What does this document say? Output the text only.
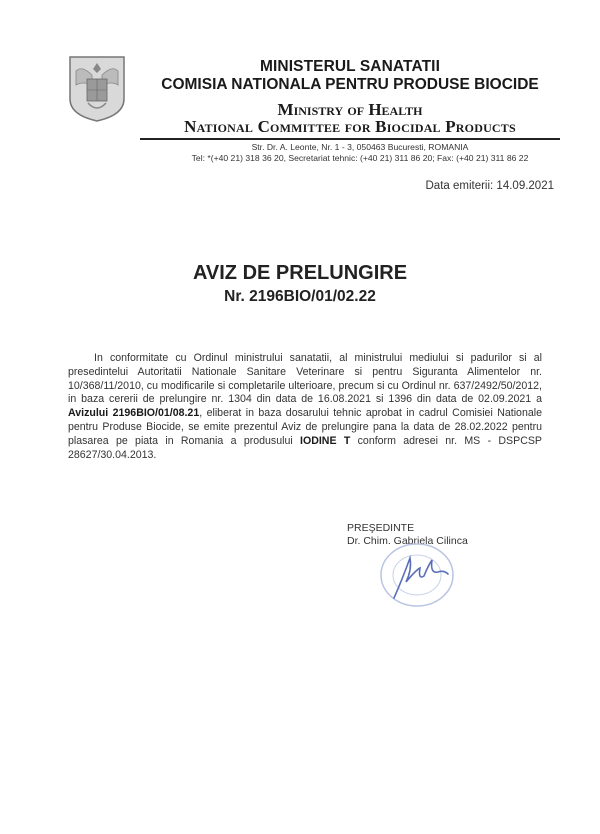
MINISTERUL SANATATII
COMISIA NATIONALA PENTRU PRODUSE BIOCIDE
Ministry of Health
National Committee for Biocidal Products
Str. Dr. A. Leonte, Nr. 1 - 3, 050463 Bucuresti, ROMANIA
Tel: *(+40 21) 318 36 20, Secretariat tehnic: (+40 21) 311 86 20; Fax: (+40 21) 311 86 22
Data emiterii: 14.09.2021
AVIZ DE PRELUNGIRE
Nr. 2196BIO/01/02.22
In conformitate cu Ordinul ministrului sanatatii, al ministrului mediului si padurilor si al presedintelui Autoritatii Nationale Sanitare Veterinare si pentru Siguranta Alimentelor nr. 10/368/11/2010, cu modificarile si completarile ulterioare, precum si cu Ordinul nr. 637/2492/50/2012, in baza cererii de prelungire nr. 1304 din data de 16.08.2021 si 1396 din data de 02.09.2021 a Avizului 2196BIO/01/08.21, eliberat in baza dosarului tehnic aprobat in cadrul Comisiei Nationale pentru Produse Biocide, se emite prezentul Aviz de prelungire pana la data de 28.02.2022 pentru plasarea pe piata in Romania a produsului IODINE T conform adresei nr. MS - DSPCSP 28627/30.04.2013.
PREŞEDINTE
Dr. Chim. Gabriela Cilinca
